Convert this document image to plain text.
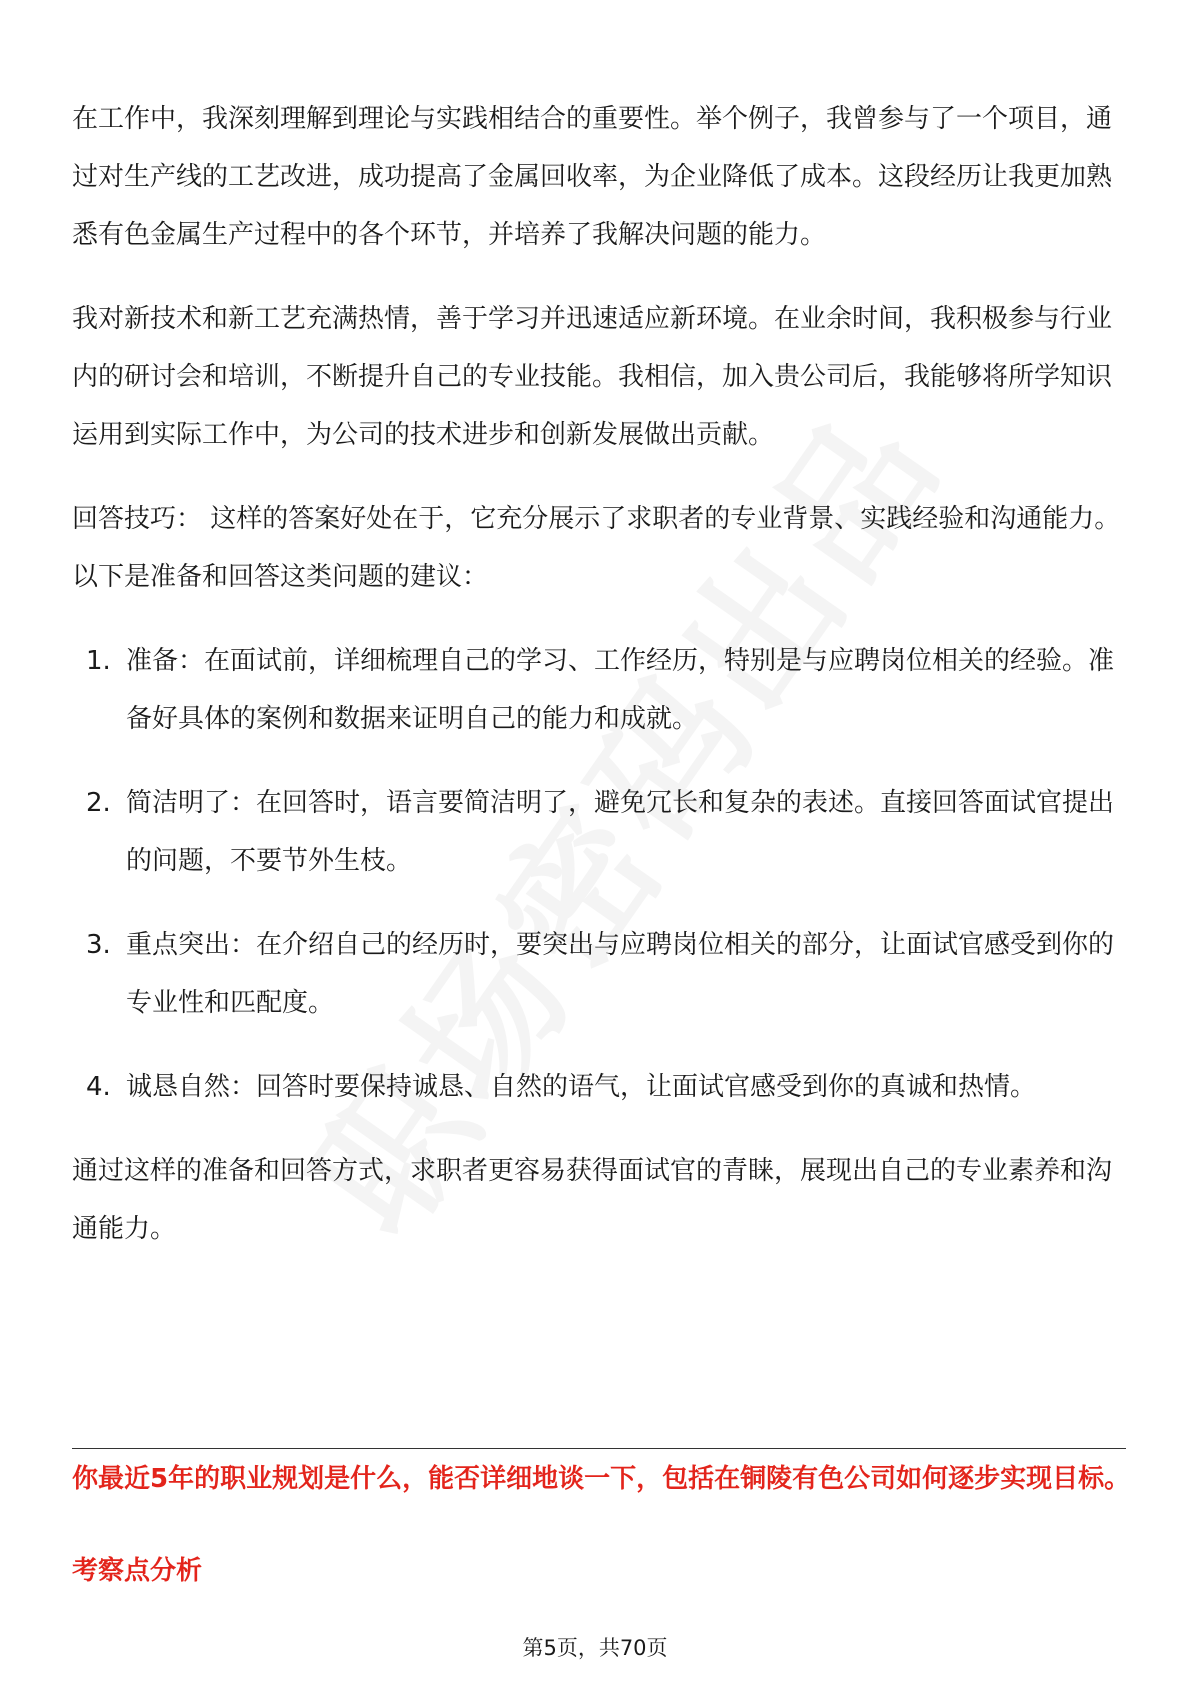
在工作中，我深刻理解到理论与实践相结合的重要性。举个例子，我曾参与了一个项目，通过对生产线的工艺改进，成功提高了金属回收率，为企业降低了成本。这段经历让我更加熟悉有色金属生产过程中的各个环节，并培养了我解决问题的能力。

我对新技术和新工艺充满热情，善于学习并迅速适应新环境。在业余时间，我积极参与行业内的研讨会和培训，不断提升自己的专业技能。我相信，加入贵公司后，我能够将所学知识运用到实际工作中，为公司的技术进步和创新发展做出贡献。

回答技巧： 这样的答案好处在于，它充分展示了求职者的专业背景、实践经验和沟通能力。以下是准备和回答这类问题的建议：

1. 准备：在面试前，详细梳理自己的学习、工作经历，特别是与应聘岗位相关的经验。准备好具体的案例和数据来证明自己的能力和成就。
2. 简洁明了：在回答时，语言要简洁明了，避免冗长和复杂的表述。直接回答面试官提出的问题，不要节外生枝。
3. 重点突出：在介绍自己的经历时，要突出与应聘岗位相关的部分，让面试官感受到你的专业性和匹配度。
4. 诚恳自然：回答时要保持诚恳、自然的语气，让面试官感受到你的真诚和热情。

通过这样的准备和回答方式，求职者更容易获得面试官的青睐，展现出自己的专业素养和沟通能力。

你最近5年的职业规划是什么，能否详细地谈一下，包括在铜陵有色公司如何逐步实现目标。
考察点分析
第5页，共70页
